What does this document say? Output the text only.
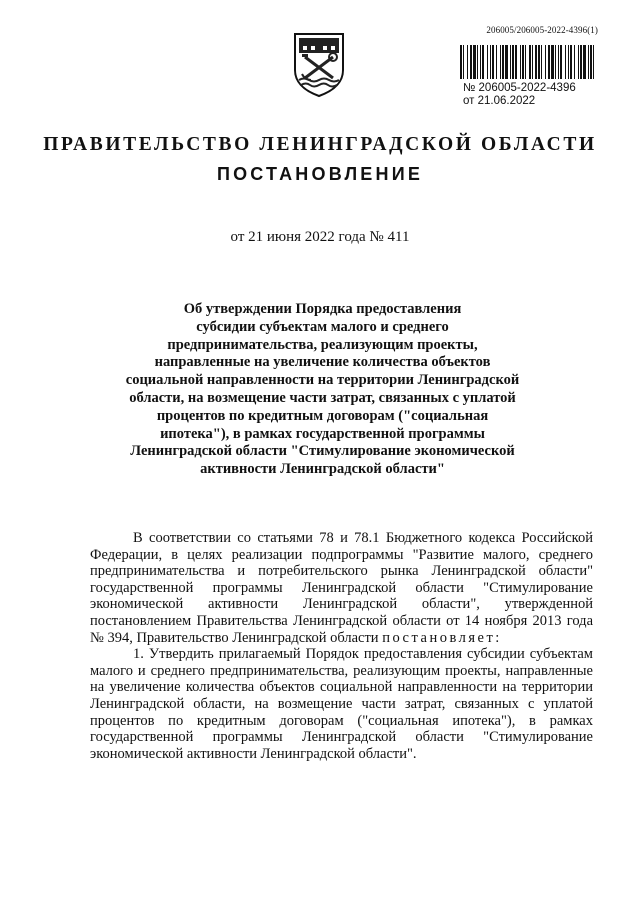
206005/206005-2022-4396(1)
№ 206005-2022-4396
от 21.06.2022
ПРАВИТЕЛЬСТВО ЛЕНИНГРАДСКОЙ ОБЛАСТИ
ПОСТАНОВЛЕНИЕ
от 21 июня 2022 года № 411
Об утверждении Порядка предоставления
субсидии субъектам малого и среднего
предпринимательства, реализующим проекты,
направленные на увеличение количества объектов
социальной направленности на территории Ленинградской
области, на возмещение части затрат, связанных с уплатой
процентов по кредитным договорам ("социальная
ипотека"), в рамках государственной программы
Ленинградской области "Стимулирование экономической
активности Ленинградской области"

В соответствии со статьями 78 и 78.1 Бюджетного кодекса Российской Федерации, в целях реализации подпрограммы "Развитие малого, среднего предпринимательства и потребительского рынка Ленинградской области" государственной программы Ленинградской области "Стимулирование экономической активности Ленинградской области", утвержденной постановлением Правительства Ленинградской области от 14 ноября 2013 года № 394, Правительство Ленинградской области постановляет:

1. Утвердить прилагаемый Порядок предоставления субсидии субъектам малого и среднего предпринимательства, реализующим проекты, направленные на увеличение количества объектов социальной направленности на территории Ленинградской области, на возмещение части затрат, связанных с уплатой процентов по кредитным договорам ("социальная ипотека"), в рамках государственной программы Ленинградской области "Стимулирование экономической активности Ленинградской области".
